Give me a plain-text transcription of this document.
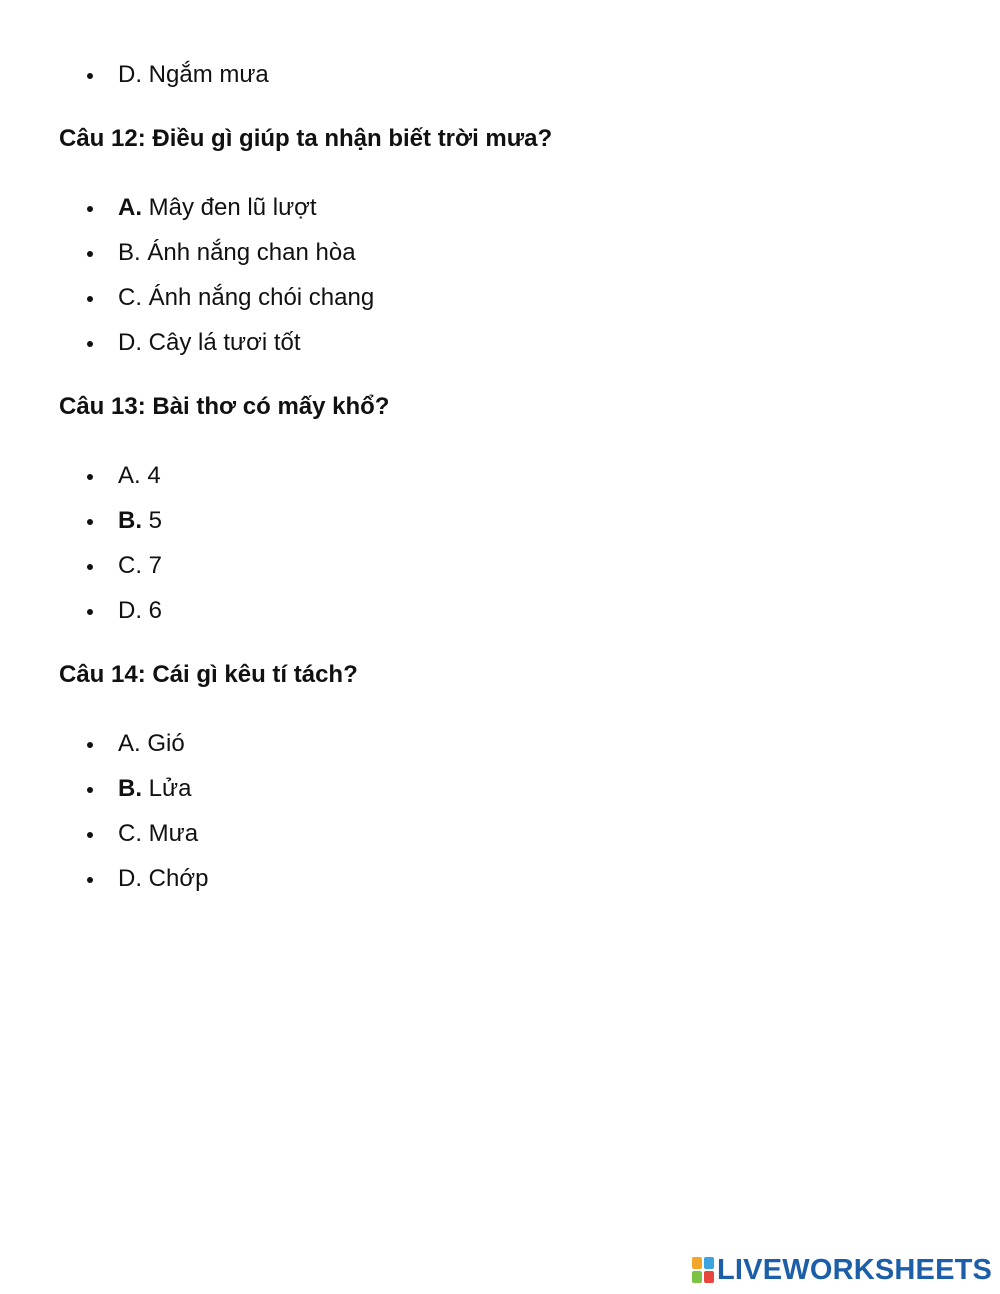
D. Ngắm mưa
Câu 12: Điều gì giúp ta nhận biết trời mưa?
A. Mây đen lũ lượt
B. Ánh nắng chan hòa
C. Ánh nắng chói chang
D. Cây lá tươi tốt
Câu 13: Bài thơ có mấy khổ?
A. 4
B. 5
C. 7
D. 6
Câu 14: Cái gì kêu tí tách?
A. Gió
B. Lửa
C. Mưa
D. Chớp
LIVEWORKSHEETS
